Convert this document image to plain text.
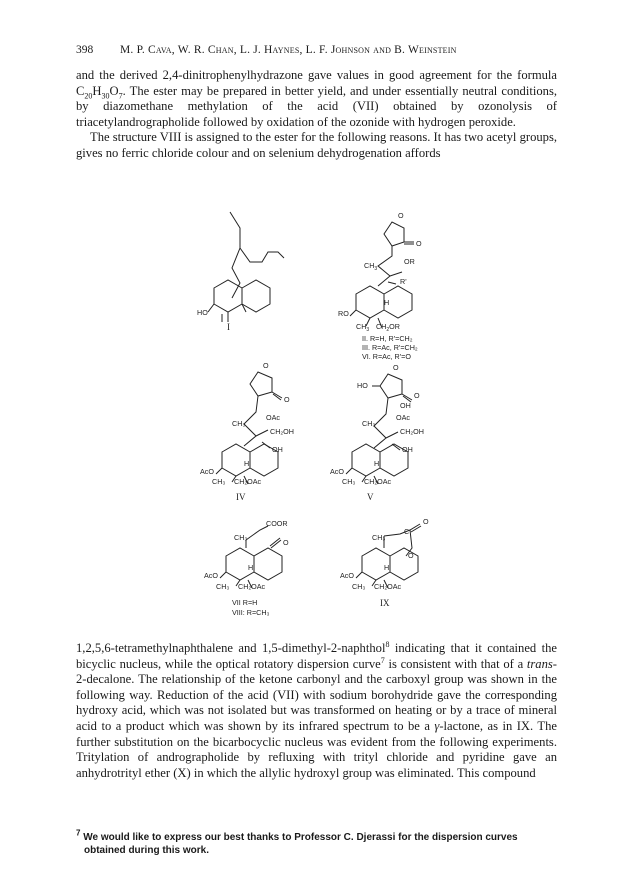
398 M. P. Cava, W. R. Chan, L. J. Haynes, L. F. Johnson and B. Weinstein

and the derived 2,4-dinitrophenylhydrazone gave values in good agreement for the formula $C_{20}H_{30}O_7$. The ester may be prepared in better yield, and under essentially neutral conditions, by diazomethane methylation of the acid (VII) obtained by ozonolysis of triacetylandrographolide followed by oxidation of the ozonide with hydrogen peroxide.
The structure VIII is assigned to the ester for the following reasons. It has two acetyl groups, gives no ferric chloride colour and on selenium dehydrogenation affords

HO
I
O
O
$CH_3$
OR
R'
RO
H
$CH_3$ $CH_2OR$
II. R=H, R'=CH₂
III. R=Ac, R'=CH₂
VI. R=Ac, R'=O
O
O
CH₃
OAc
CH₂OH
OH
AcO
H
CH₃ CH₂OAc
IV
HO
O
O
OH
CH₃
OAc
CH₂OH
OH
AcO
H
CH₃ CH₂OAc
V
COOR
CH₃
O
AcO
H
CH₃ CH₂OAc
VII R=H
VIII: R=CH₃
CH₃
C
O
O
AcO
H
CH₃ CH₂OAc
IX

1,2,5,6-tetramethylnaphthalene and 1,5-dimethyl-2-naphthol$^8$ indicating that it contained the bicyclic nucleus, while the optical rotatory dispersion curve$^7$ is consistent with that of a trans-2-decalone. The relationship of the ketone carbonyl and the carboxyl group was shown in the following way. Reduction of the acid (VII) with sodium borohydride gave the corresponding hydroxy acid, which was not isolated but was transformed on heating or by a trace of mineral acid to a product which was shown by its infrared spectrum to be a γ-lactone, as in IX. The further substitution on the bicarbocyclic nucleus was evident from the following experiments. Tritylation of andrographolide by refluxing with trityl chloride and pyridine gave an anhydrotrityl ether (X) in which the allylic hydroxyl group was eliminated. This compound

$^7$ We would like to express our best thanks to Professor C. Djerassi for the dispersion curves
obtained during this work.
